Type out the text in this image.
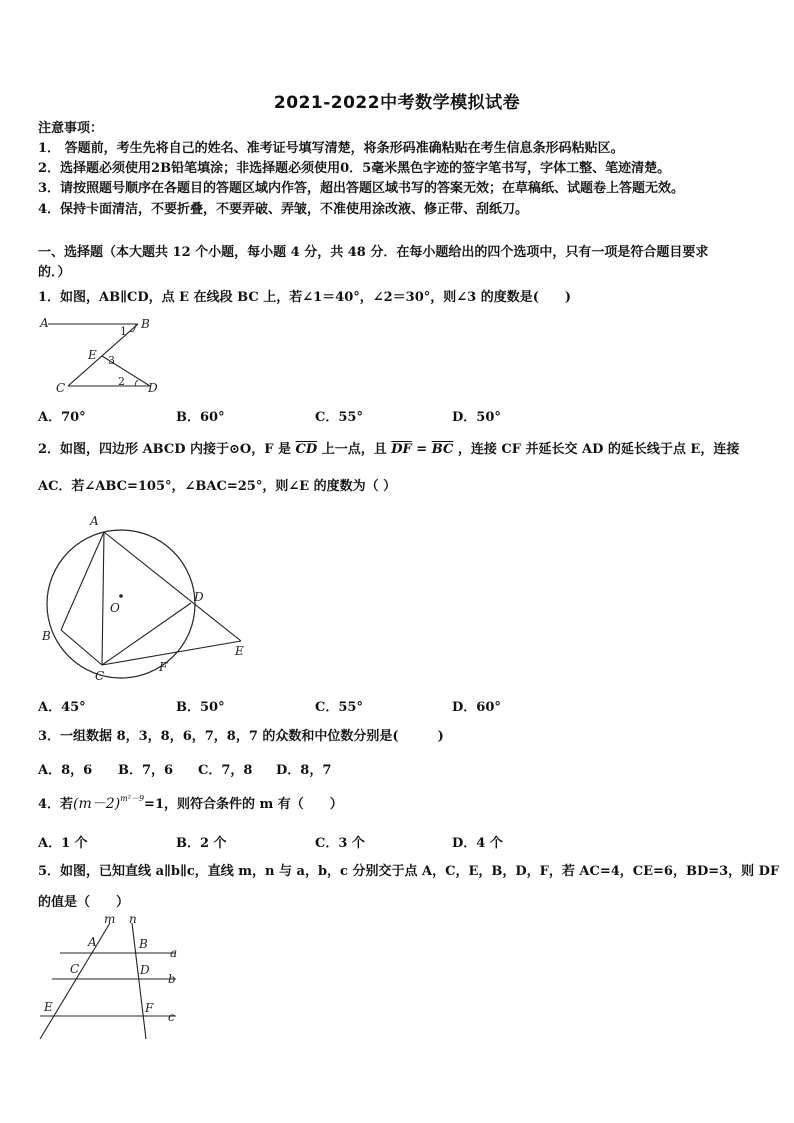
2021-2022中考数学模拟试卷
注意事项：
1． 答题前，考生先将自己的姓名、准考证号填写清楚，将条形码准确粘贴在考生信息条形码粘贴区。
2．选择题必须使用2B铅笔填涂；非选择题必须使用0．5毫米黑色字迹的签字笔书写，字体工整、笔迹清楚。
3．请按照题号顺序在各题目的答题区域内作答，超出答题区域书写的答案无效；在草稿纸、试题卷上答题无效。
4．保持卡面清洁，不要折叠，不要弄破、弄皱，不准使用涂改液、修正带、刮纸刀。
一、选择题（本大题共 12 个小题，每小题 4 分，共 48 分．在每小题给出的四个选项中，只有一项是符合题目要求
的．）
1．如图，AB∥CD，点 E 在线段 BC 上，若∠1＝40°，∠2＝30°，则∠3 的度数是(　　)
A	B
C	D
E
1
2
3
A．70°	B．60°	C．55°	D．50°
2．如图，四边形 ABCD 内接于⊙O，F 是 $\overline{CD}$ 上一点，且 $\overline{DF} = \overline{BC}$ ，连接 CF 并延长交 AD 的延长线于点 E，连接
AC．若∠ABC=105°，∠BAC=25°，则∠E 的度数为（ ）
A
B
C
D
E
F
O
A．45°	B．50°	C．55°	D．60°
3．一组数据 8，3，8，6，7，8，7 的众数和中位数分别是(　　　)
A．8，6 B．7，6 C．7，8 D．8，7
4．若$(m-2)^{m^2-9}=1$，则符合条件的 m 有（　　）
A．1 个	B．2 个	C．3 个	D．4 个
5．如图，已知直线 a∥b∥c，直线 m，n 与 a，b，c 分别交于点 A，C，E，B，D，F，若 AC=4，CE=6，BD=3，则 DF
的值是（　　）
m n
A	B
C	D
E	F
a
b
c
